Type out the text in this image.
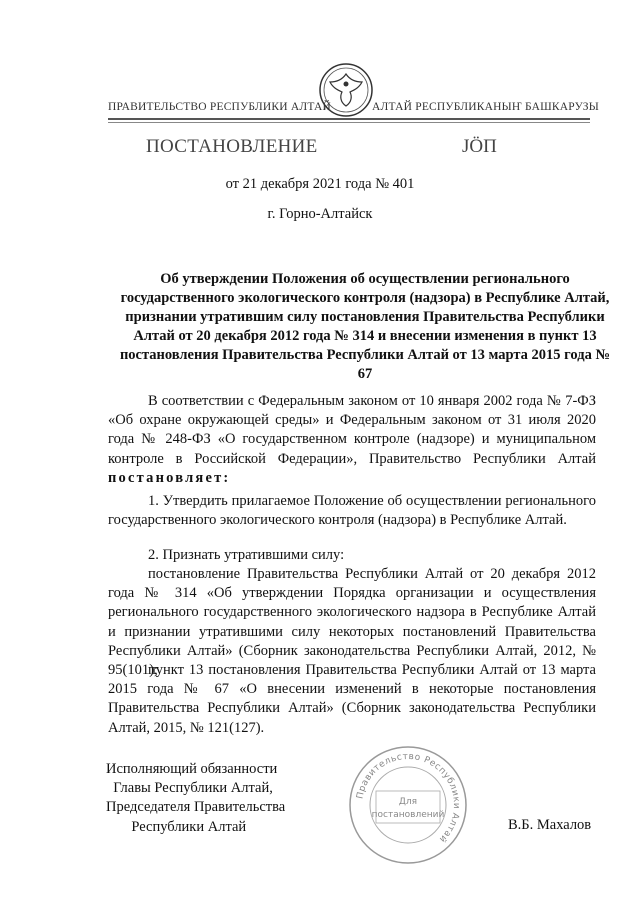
ПРАВИТЕЛЬСТВО РЕСПУБЛИКИ АЛТАЙ	АЛТАЙ РЕСПУБЛИКАНЫҤ БАШКАРУЗЫ
ПОСТАНОВЛЕНИЕ	ЈӦП
от 21 декабря 2021 года № 401
г. Горно-Алтайск
Об утверждении Положения об осуществлении регионального государственного экологического контроля (надзора) в Республике Алтай, признании утратившим силу постановления Правительства Республики Алтай от 20 декабря 2012 года № 314 и внесении изменения в пункт 13 постановления Правительства Республики Алтай от 13 марта 2015 года № 67
В соответствии с Федеральным законом от 10 января 2002 года № 7-ФЗ «Об охране окружающей среды» и Федеральным законом от 31 июля 2020 года № 248-ФЗ «О государственном контроле (надзоре) и муниципальном контроле в Российской Федерации», Правительство Республики Алтай постановляет:
1. Утвердить прилагаемое Положение об осуществлении регионального государственного экологического контроля (надзора) в Республике Алтай.
2. Признать утратившими силу:
постановление Правительства Республики Алтай от 20 декабря 2012 года № 314 «Об утверждении Порядка организации и осуществления регионального государственного экологического надзора в Республике Алтай и признании утратившими силу некоторых постановлений Правительства Республики Алтай» (Сборник законодательства Республики Алтай, 2012, № 95(101);
пункт 13 постановления Правительства Республики Алтай от 13 марта 2015 года № 67 «О внесении изменений в некоторые постановления Правительства Республики Алтай» (Сборник законодательства Республики Алтай, 2015, № 121(127).
Исполняющий обязанности
Главы Республики Алтай,
Председателя Правительства
Республики Алтай	В.Б. Махалов
Правительство Республики Алтай
Для
постановлений
